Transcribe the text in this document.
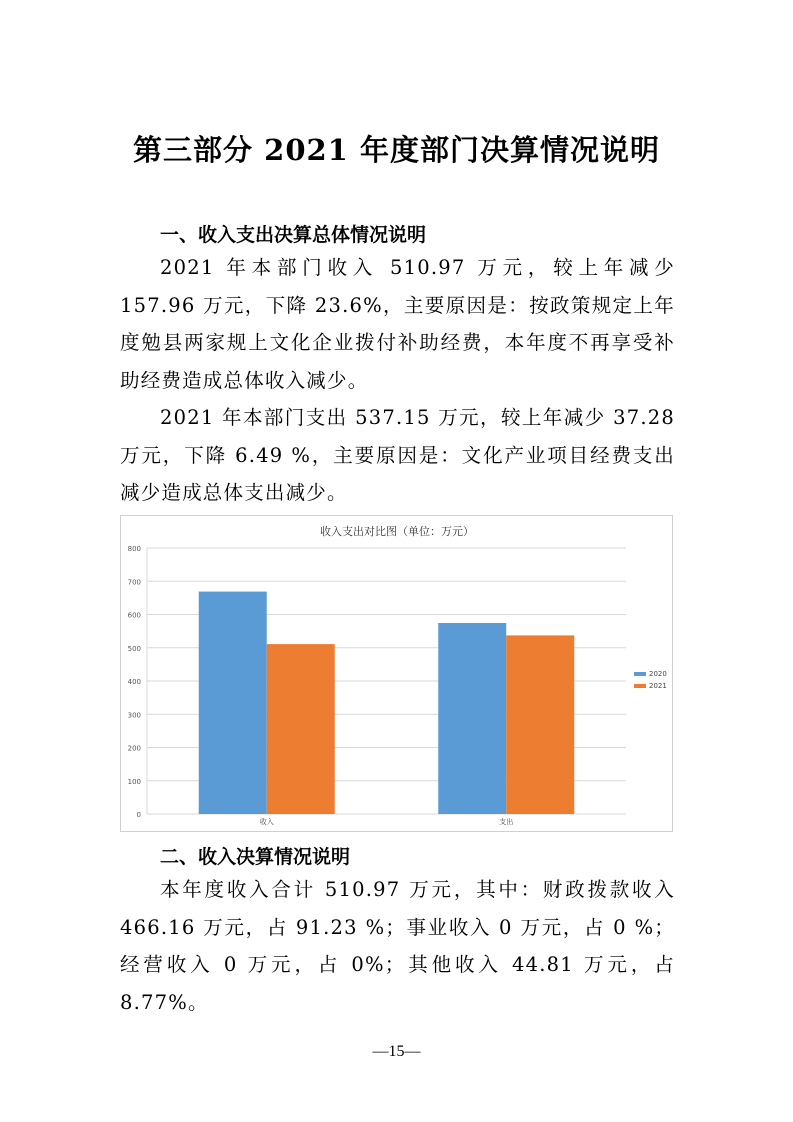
第三部分 2021 年度部门决算情况说明
一、收入支出决算总体情况说明
2021 年本部门收入 510.97 万元，较上年减少 157.96 万元，下降 23.6%，主要原因是：按政策规定上年度勉县两家规上文化企业拨付补助经费，本年度不再享受补助经费造成总体收入减少。
2021 年本部门支出 537.15 万元，较上年减少 37.28 万元，下降 6.49 %，主要原因是：文化产业项目经费支出减少造成总体支出减少。
收入支出对比图（单位：万元）
0
100
200
300
400
500
600
700
800
收入	支出
2020
2021
二、收入决算情况说明
本年度收入合计 510.97 万元，其中：财政拨款收入 466.16 万元，占 91.23 %；事业收入 0 万元，占 0 %；经营收入 0 万元，占 0%；其他收入 44.81 万元，占 8.77%。
—15—
